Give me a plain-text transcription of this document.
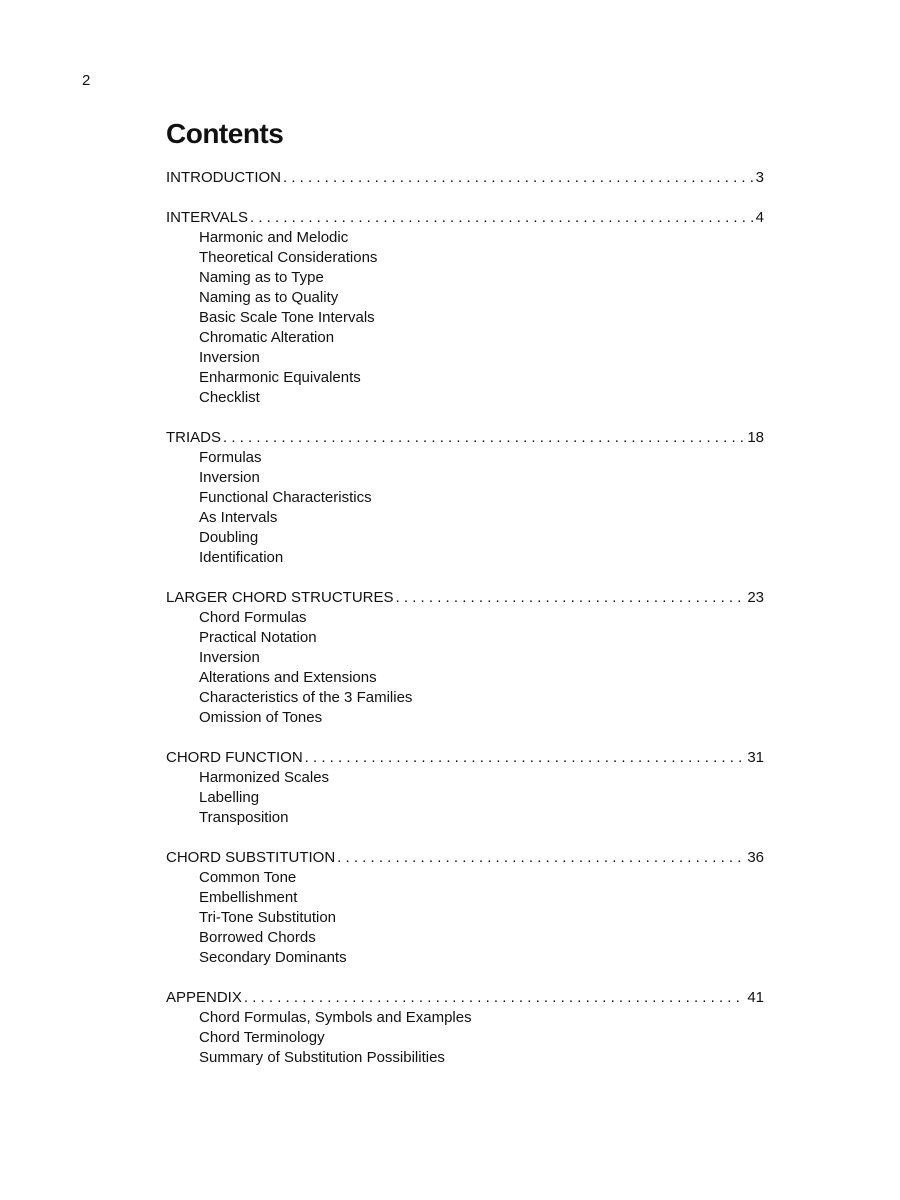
2
Contents
INTRODUCTION . . .	3
INTERVALS . . .	4
Harmonic and Melodic
Theoretical Considerations
Naming as to Type
Naming as to Quality
Basic Scale Tone Intervals
Chromatic Alteration
Inversion
Enharmonic Equivalents
Checklist
TRIADS . . .	18
Formulas
Inversion
Functional Characteristics
As Intervals
Doubling
Identification
LARGER CHORD STRUCTURES . . .	23
Chord Formulas
Practical Notation
Inversion
Alterations and Extensions
Characteristics of the 3 Families
Omission of Tones
CHORD FUNCTION . . .	31
Harmonized Scales
Labelling
Transposition
CHORD SUBSTITUTION . . .	36
Common Tone
Embellishment
Tri-Tone Substitution
Borrowed Chords
Secondary Dominants
APPENDIX . . .	41
Chord Formulas, Symbols and Examples
Chord Terminology
Summary of Substitution Possibilities
